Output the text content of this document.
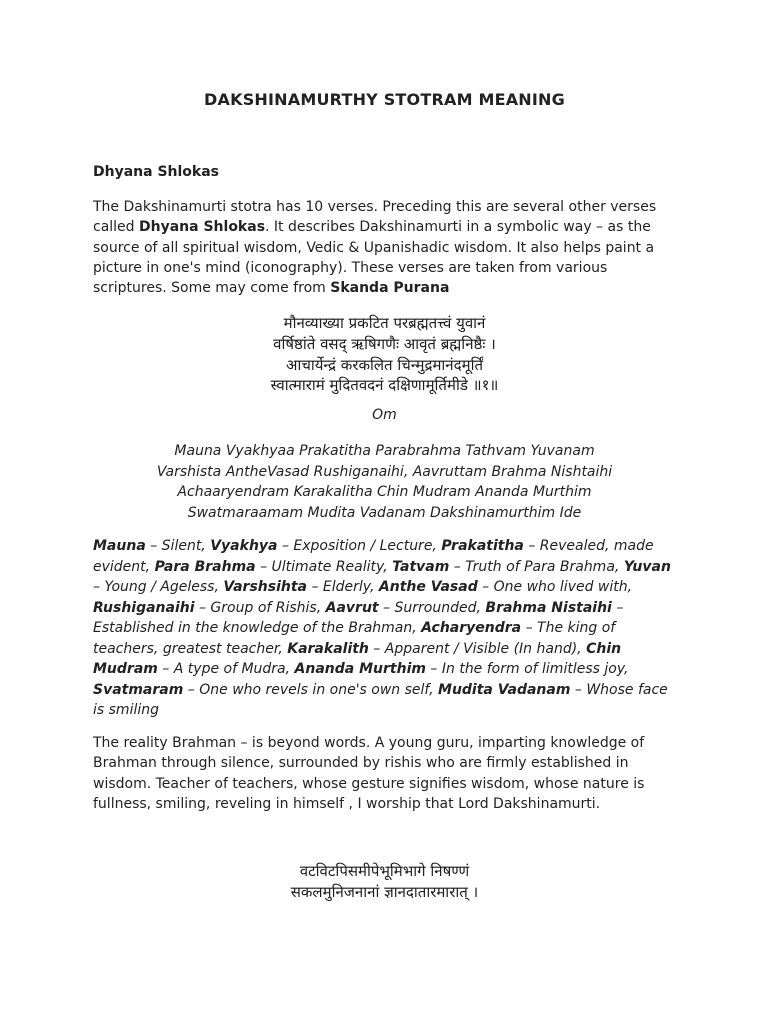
DAKSHINAMURTHY STOTRAM MEANING
Dhyana Shlokas
The Dakshinamurti stotra has 10 verses. Preceding this are several other verses called Dhyana Shlokas. It describes Dakshinamurti in a symbolic way – as the source of all spiritual wisdom, Vedic & Upanishadic wisdom. It also helps paint a picture in one's mind (iconography). These verses are taken from various scriptures. Some may come from Skanda Purana
मौनव्याख्या प्रकटित परब्रह्मतत्त्वं युवानं
वर्षिष्ठांते वसद् ऋषिगणैः आवृतं ब्रह्मनिष्ठैः ।
आचार्येन्द्रं करकलित चिन्मुद्रमानंदमूर्तिं
स्वात्मारामं मुदितवदनं दक्षिणामूर्तिमीडे ॥१॥
Om
Mauna Vyakhyaa Prakatitha Parabrahma Tathvam Yuvanam
Varshista AntheVasad Rushiganaihi, Aavruttam Brahma Nishtaihi
Achaaryendram Karakalitha Chin Mudram Ananda Murthim
Swatmaraamam Mudita Vadanam Dakshinamurthim Ide
Mauna – Silent, Vyakhya – Exposition / Lecture, Prakatitha – Revealed, made evident, Para Brahma – Ultimate Reality, Tatvam – Truth of Para Brahma, Yuvan – Young / Ageless, Varshsihta – Elderly, Anthe Vasad – One who lived with, Rushiganaihi – Group of Rishis, Aavrut – Surrounded, Brahma Nistaihi – Established in the knowledge of the Brahman, Acharyendra – The king of teachers, greatest teacher, Karakalith – Apparent / Visible (In hand), Chin Mudram – A type of Mudra, Ananda Murthim – In the form of limitless joy, Svatmaram – One who revels in one's own self, Mudita Vadanam – Whose face is smiling
The reality Brahman – is beyond words. A young guru, imparting knowledge of Brahman through silence, surrounded by rishis who are firmly established in wisdom. Teacher of teachers, whose gesture signifies wisdom, whose nature is fullness, smiling, reveling in himself , I worship that Lord Dakshinamurti.
वटविटपिसमीपेभूमिभागे निषण्णं
सकलमुनिजनानां ज्ञानदातारमारात् ।
